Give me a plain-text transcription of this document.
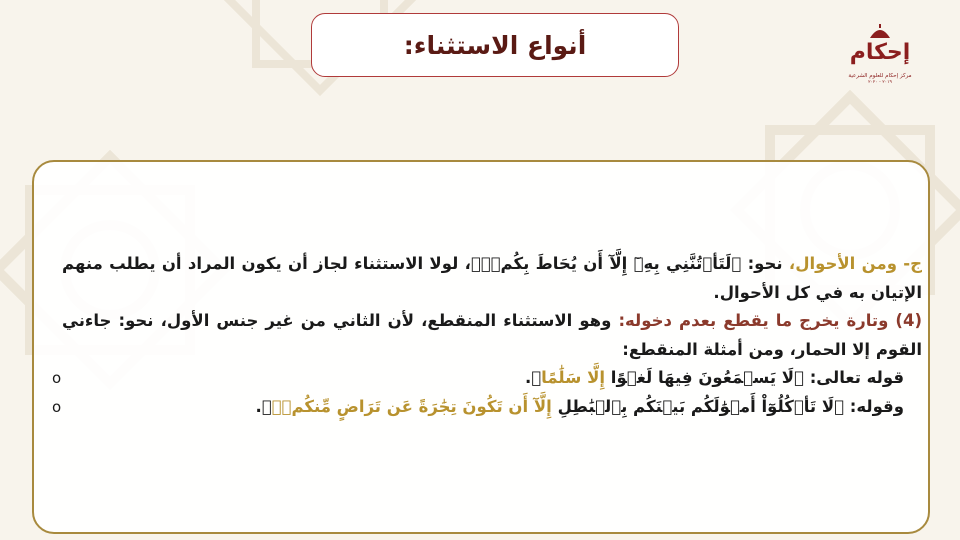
أنواع الاستثناء:	إحكام
مركز إحكام للعلوم الشرعية
٢٠١٩ - ٢٠٢٠

ج- ومن الأحوال، نحو: ﴿لَتَأۡتُنَّنِي بِهِۦٓ إِلَّآ أَن يُحَاطَ بِكُمۡۖ﴾، لولا الاستثناء لجاز أن يكون المراد أن يطلب منهم الإتيان به في كل الأحوال.

(4) وتارة يخرج ما يقطع بعدم دخوله: وهو الاستثناء المنقطع، لأن الثاني من غير جنس الأول، نحو: جاءني القوم إلا الحمار، ومن أمثلة المنقطع:

o	قوله تعالى: ﴿لَا يَسۡمَعُونَ فِيهَا لَغۡوًا إِلَّا سَلَٰمًا﴾.
o	وقوله: ﴿لَا تَأۡكُلُوٓاْ أَمۡوَٰلَكُم بَيۡنَكُم بِٱلۡبَٰطِلِ إِلَّآ أَن تَكُونَ تِجَٰرَةً عَن تَرَاضٍ مِّنكُمۡۚ﴾.
